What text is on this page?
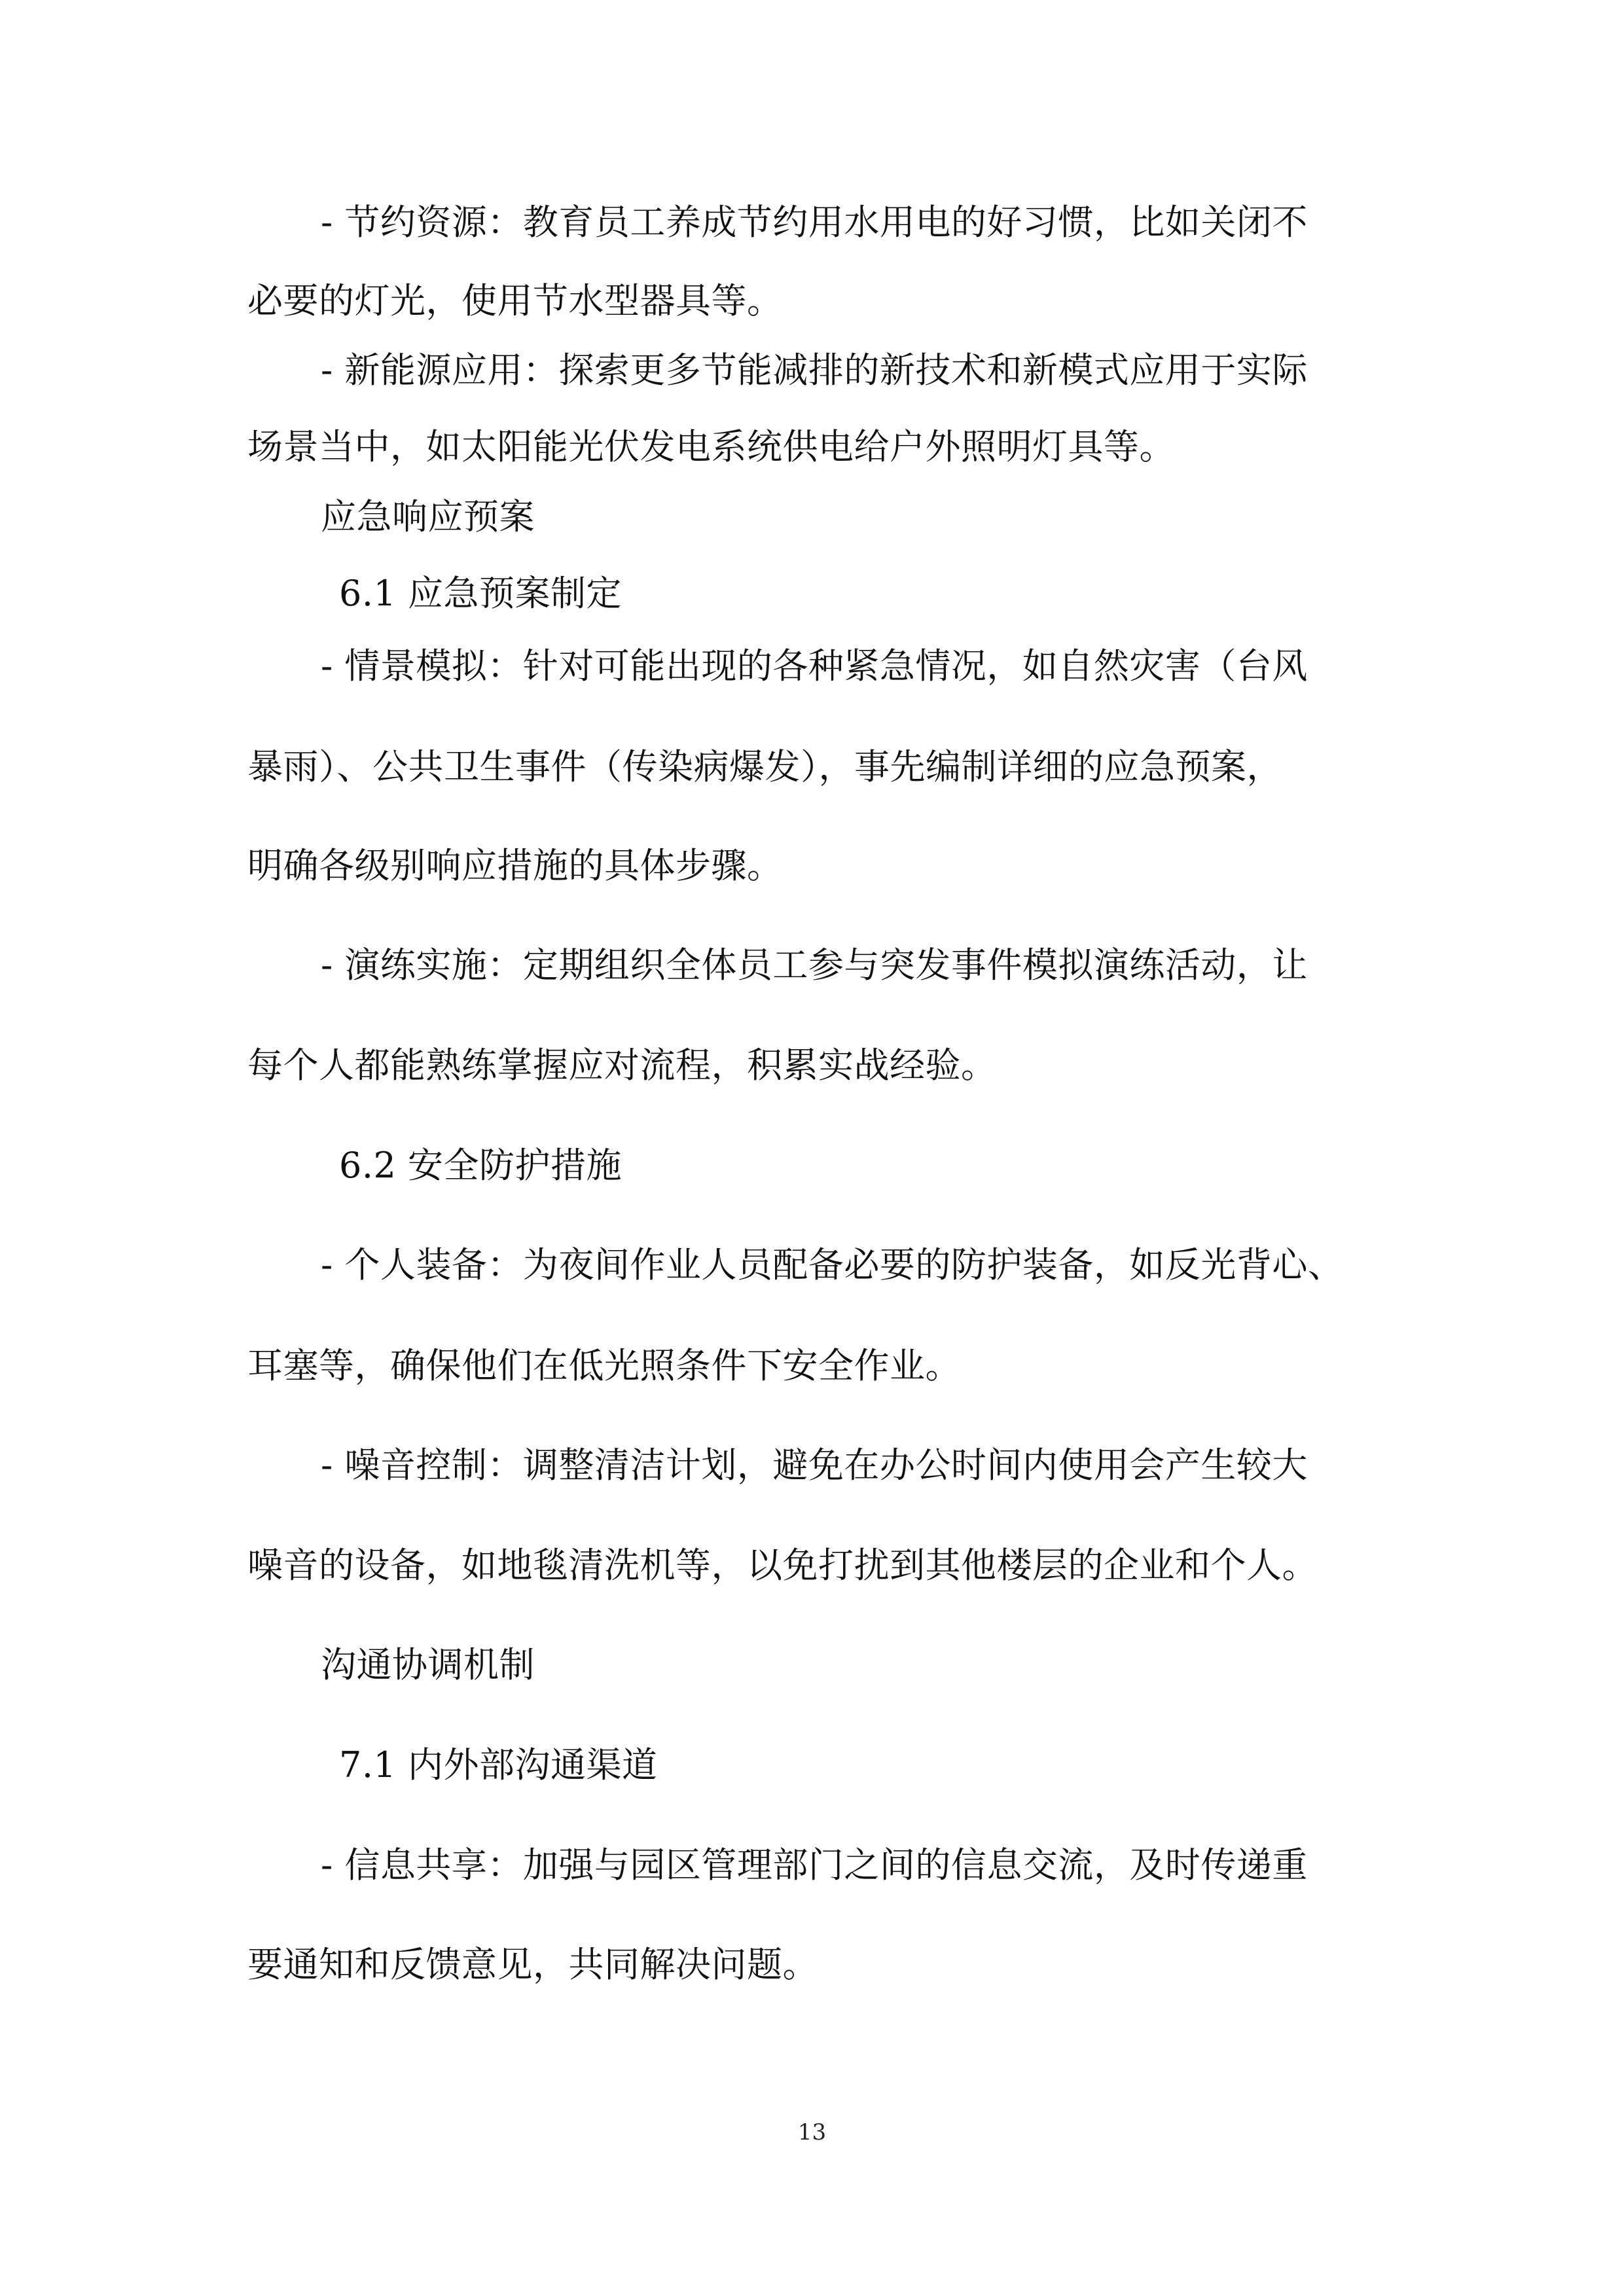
- 节约资源：教育员工养成节约用水用电的好习惯，比如关闭不
必要的灯光，使用节水型器具等。
- 新能源应用：探索更多节能减排的新技术和新模式应用于实际
场景当中，如太阳能光伏发电系统供电给户外照明灯具等。
应急响应预案
6.1 应急预案制定
- 情景模拟：针对可能出现的各种紧急情况，如自然灾害（台风
暴雨）、公共卫生事件（传染病爆发），事先编制详细的应急预案，
明确各级别响应措施的具体步骤。
- 演练实施：定期组织全体员工参与突发事件模拟演练活动，让
每个人都能熟练掌握应对流程，积累实战经验。
6.2 安全防护措施
- 个人装备：为夜间作业人员配备必要的防护装备，如反光背心、
耳塞等，确保他们在低光照条件下安全作业。
- 噪音控制：调整清洁计划，避免在办公时间内使用会产生较大
噪音的设备，如地毯清洗机等，以免打扰到其他楼层的企业和个人。
沟通协调机制
7.1 内外部沟通渠道
- 信息共享：加强与园区管理部门之间的信息交流，及时传递重
要通知和反馈意见，共同解决问题。
13
